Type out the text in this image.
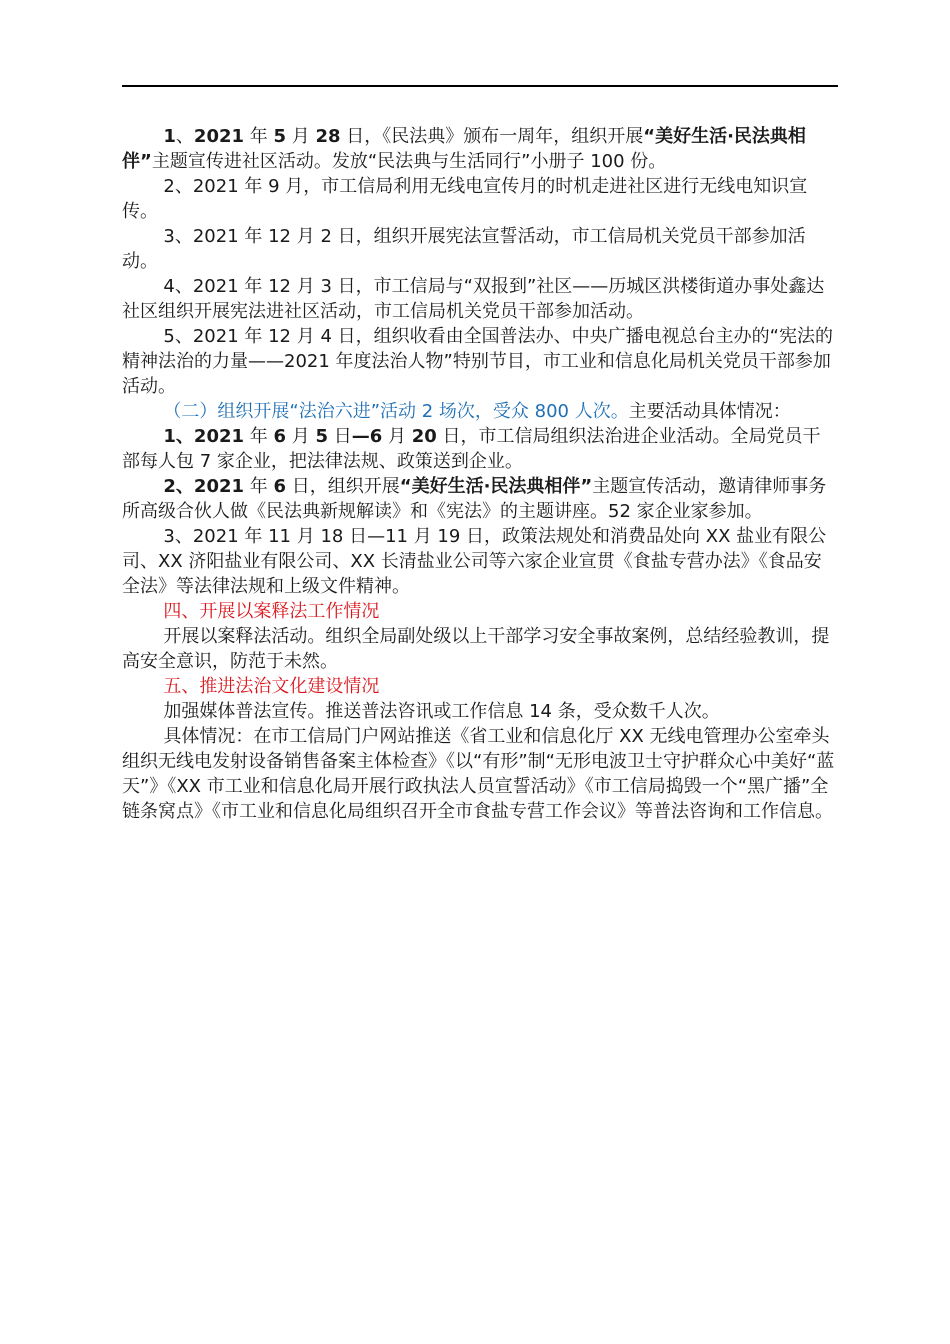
1、2021 年 5 月 28 日，《民法典》颁布一周年，组织开展“美好生活·民法典相伴”主题宣传进社区活动。发放“民法典与生活同行”小册子 100 份。

2、2021 年 9 月，市工信局利用无线电宣传月的时机走进社区进行无线电知识宣传。

3、2021 年 12 月 2 日，组织开展宪法宣誓活动，市工信局机关党员干部参加活动。

4、2021 年 12 月 3 日，市工信局与“双报到”社区——历城区洪楼街道办事处鑫达社区组织开展宪法进社区活动，市工信局机关党员干部参加活动。

5、2021 年 12 月 4 日，组织收看由全国普法办、中央广播电视总台主办的“宪法的精神法治的力量——2021 年度法治人物”特别节目，市工业和信息化局机关党员干部参加活动。

（二）组织开展“法治六进”活动 2 场次，受众 800 人次。主要活动具体情况：

1、2021 年 6 月 5 日—6 月 20 日，市工信局组织法治进企业活动。全局党员干部每人包 7 家企业，把法律法规、政策送到企业。

2、2021 年 6 日，组织开展“美好生活·民法典相伴”主题宣传活动，邀请律师事务所高级合伙人做《民法典新规解读》和《宪法》的主题讲座。52 家企业家参加。

3、2021 年 11 月 18 日—11 月 19 日，政策法规处和消费品处向 XX 盐业有限公司、XX 济阳盐业有限公司、XX 长清盐业公司等六家企业宣贯《食盐专营办法》《食品安全法》等法律法规和上级文件精神。

四、开展以案释法工作情况

开展以案释法活动。组织全局副处级以上干部学习安全事故案例，总结经验教训，提高安全意识，防范于未然。

五、推进法治文化建设情况

加强媒体普法宣传。推送普法咨讯或工作信息 14 条，受众数千人次。

具体情况：在市工信局门户网站推送《省工业和信息化厅 XX 无线电管理办公室牵头组织无线电发射设备销售备案主体检查》《以“有形”制“无形电波卫士守护群众心中美好“蓝天”》《XX 市工业和信息化局开展行政执法人员宣誓活动》《市工信局捣毁一个“黑广播”全链条窝点》《市工业和信息化局组织召开全市食盐专营工作会议》等普法咨询和工作信息。
